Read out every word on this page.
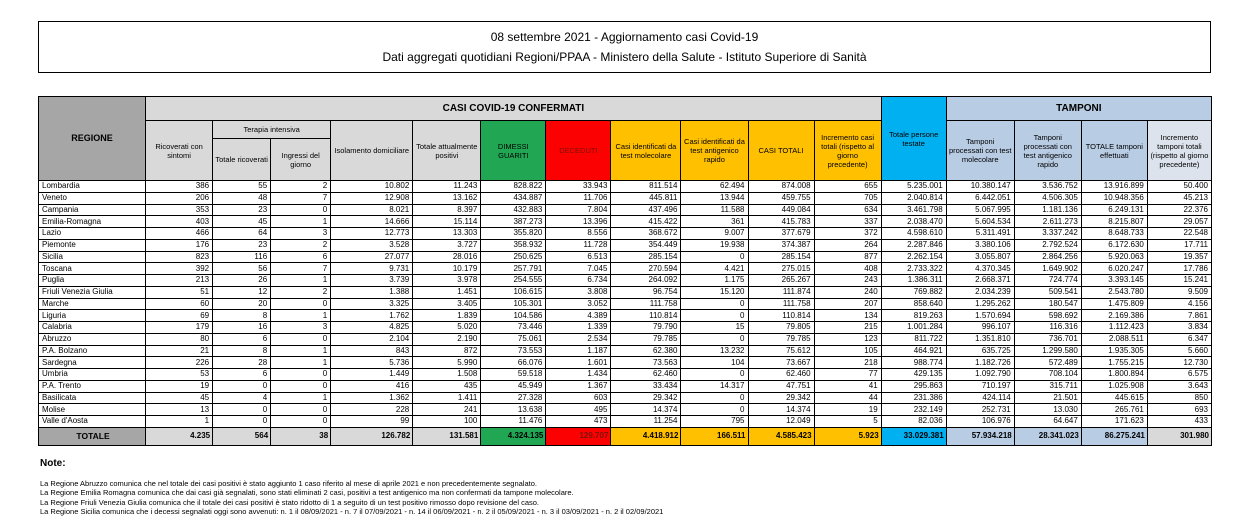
08 settembre 2021 - Aggiornamento casi Covid-19
Dati aggregati quotidiani Regioni/PPAA - Ministero della Salute - Istituto Superiore di Sanità
REGIONE	CASI COVID-19 CONFERMATI											Totale persone testate	TAMPONI			
	Ricoverati con sintomi	Terapia intensiva		Isolamento domiciliare	Totale attualmente positivi	DIMESSI GUARITI	DECEDUTI	Casi identificati da test molecolare	Casi identificati da test antigenico rapido	CASI TOTALI	Incremento casi totali (rispetto al giorno precedente)		Tamponi processati con test molecolare	Tamponi processati con test antigenico rapido	TOTALE tamponi effettuati	Incremento tamponi totali (rispetto al giorno precedente)
		Totale ricoverati	Ingressi del giorno													
Lombardia	386	55	2	10.802	11.243	828.822	33.943	811.514	62.494	874.008	655	5.235.001	10.380.147	3.536.752	13.916.899	50.400
Veneto	206	48	7	12.908	13.162	434.887	11.706	445.811	13.944	459.755	705	2.040.814	6.442.051	4.506.305	10.948.356	45.213
Campania	353	23	0	8.021	8.397	432.883	7.804	437.496	11.588	449.084	634	3.461.798	5.067.995	1.181.136	6.249.131	22.376
Emilia-Romagna	403	45	1	14.666	15.114	387.273	13.396	415.422	361	415.783	337	2.038.470	5.604.534	2.611.273	8.215.807	29.057
Lazio	466	64	3	12.773	13.303	355.820	8.556	368.672	9.007	377.679	372	4.598.610	5.311.491	3.337.242	8.648.733	22.548
Piemonte	176	23	2	3.528	3.727	358.932	11.728	354.449	19.938	374.387	264	2.287.846	3.380.106	2.792.524	6.172.630	17.711
Sicilia	823	116	6	27.077	28.016	250.625	6.513	285.154	0	285.154	877	2.262.154	3.055.807	2.864.256	5.920.063	19.357
Toscana	392	56	7	9.731	10.179	257.791	7.045	270.594	4.421	275.015	408	2.733.322	4.370.345	1.649.902	6.020.247	17.786
Puglia	213	26	1	3.739	3.978	254.555	6.734	264.092	1.175	265.267	243	1.386.311	2.668.371	724.774	3.393.145	15.241
Friuli Venezia Giulia	51	12	2	1.388	1.451	106.615	3.808	96.754	15.120	111.874	240	769.882	2.034.239	509.541	2.543.780	9.509
Marche	60	20	0	3.325	3.405	105.301	3.052	111.758	0	111.758	207	858.640	1.295.262	180.547	1.475.809	4.156
Liguria	69	8	1	1.762	1.839	104.586	4.389	110.814	0	110.814	134	819.263	1.570.694	598.692	2.169.386	7.861
Calabria	179	16	3	4.825	5.020	73.446	1.339	79.790	15	79.805	215	1.001.284	996.107	116.316	1.112.423	3.834
Abruzzo	80	6	0	2.104	2.190	75.061	2.534	79.785	0	79.785	123	811.722	1.351.810	736.701	2.088.511	6.347
P.A. Bolzano	21	8	1	843	872	73.553	1.187	62.380	13.232	75.612	105	464.921	635.725	1.299.580	1.935.305	5.660
Sardegna	226	28	1	5.736	5.990	66.076	1.601	73.563	104	73.667	218	988.774	1.182.726	572.489	1.755.215	12.730
Umbria	53	6	0	1.449	1.508	59.518	1.434	62.460	0	62.460	77	429.135	1.092.790	708.104	1.800.894	6.575
P.A. Trento	19	0	0	416	435	45.949	1.367	33.434	14.317	47.751	41	295.863	710.197	315.711	1.025.908	3.643
Basilicata	45	4	1	1.362	1.411	27.328	603	29.342	0	29.342	44	231.386	424.114	21.501	445.615	850
Molise	13	0	0	228	241	13.638	495	14.374	0	14.374	19	232.149	252.731	13.030	265.761	693
Valle d'Aosta	1	0	0	99	100	11.476	473	11.254	795	12.049	5	82.036	106.976	64.647	171.623	433
TOTALE	4.235	564	38	126.782	131.581	4.324.135	129.707	4.418.912	166.511	4.585.423	5.923	33.029.381	57.934.218	28.341.023	86.275.241	301.980
Note:
La Regione Abruzzo comunica che nel totale dei casi positivi è stato aggiunto 1 caso riferito al mese di aprile 2021 e non precedentemente segnalato.
La Regione Emilia Romagna comunica che dai casi già segnalati, sono stati eliminati 2 casi, positivi a test antigenico ma non confermati da tampone molecolare.
La Regione Friuli Venezia Giulia comunica che il totale dei casi positivi è stato ridotto di 1 a seguito di un test positivo rimosso dopo revisione del caso.
La Regione Sicilia comunica che i decessi segnalati oggi sono avvenuti: n. 1 il 08/09/2021 - n. 7 il 07/09/2021 - n. 14 il 06/09/2021 - n. 2 il 05/09/2021 - n. 3 il 03/09/2021 - n. 2 il 02/09/2021
